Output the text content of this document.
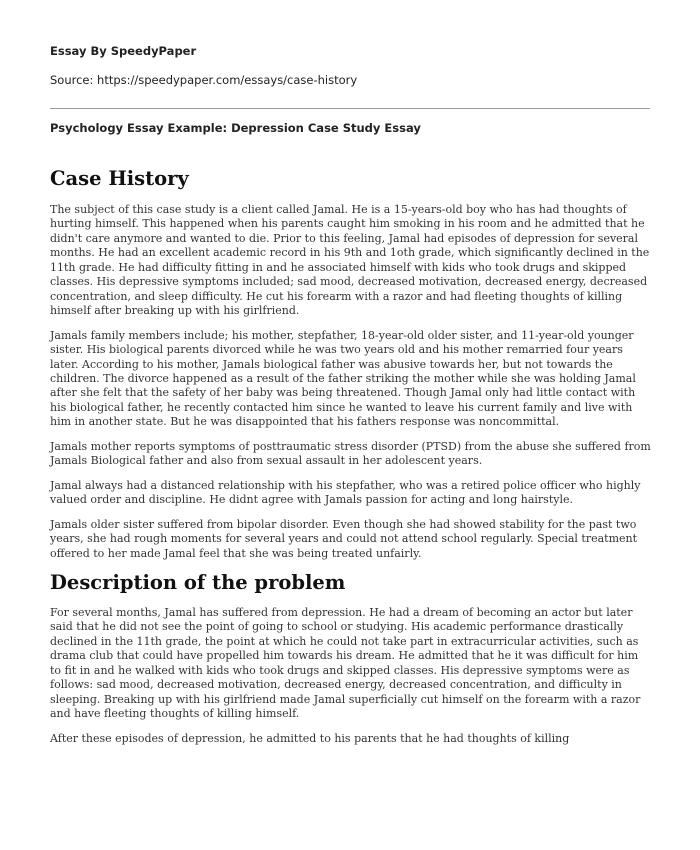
Essay By SpeedyPaper
Source: https://speedypaper.com/essays/case-history
Psychology Essay Example: Depression Case Study Essay
Case History

The subject of this case study is a client called Jamal. He is a 15-years-old boy who has had thoughts of hurting himself. This happened when his parents caught him smoking in his room and he admitted that he didn't care anymore and wanted to die. Prior to this feeling, Jamal had episodes of depression for several months. He had an excellent academic record in his 9th and 1oth grade, which significantly declined in the 11th grade. He had difficulty fitting in and he associated himself with kids who took drugs and skipped classes. His depressive symptoms included; sad mood, decreased motivation, decreased energy, decreased concentration, and sleep difficulty. He cut his forearm with a razor and had fleeting thoughts of killing himself after breaking up with his girlfriend.

Jamals family members include; his mother, stepfather, 18-year-old older sister, and 11-year-old younger sister. His biological parents divorced while he was two years old and his mother remarried four years later. According to his mother, Jamals biological father was abusive towards her, but not towards the children. The divorce happened as a result of the father striking the mother while she was holding Jamal after she felt that the safety of her baby was being threatened. Though Jamal only had little contact with his biological father, he recently contacted him since he wanted to leave his current family and live with him in another state. But he was disappointed that his fathers response was noncommittal.

Jamals mother reports symptoms of posttraumatic stress disorder (PTSD) from the abuse she suffered from Jamals Biological father and also from sexual assault in her adolescent years.

Jamal always had a distanced relationship with his stepfather, who was a retired police officer who highly valued order and discipline. He didnt agree with Jamals passion for acting and long hairstyle.

Jamals older sister suffered from bipolar disorder. Even though she had showed stability for the past two years, she had rough moments for several years and could not attend school regularly. Special treatment offered to her made Jamal feel that she was being treated unfairly.

Description of the problem

For several months, Jamal has suffered from depression. He had a dream of becoming an actor but later said that he did not see the point of going to school or studying. His academic performance drastically declined in the 11th grade, the point at which he could not take part in extracurricular activities, such as drama club that could have propelled him towards his dream. He admitted that he it was difficult for him to fit in and he walked with kids who took drugs and skipped classes. His depressive symptoms were as follows: sad mood, decreased motivation, decreased energy, decreased concentration, and difficulty in sleeping. Breaking up with his girlfriend made Jamal superficially cut himself on the forearm with a razor and have fleeting thoughts of killing himself.

After these episodes of depression, he admitted to his parents that he had thoughts of killing
